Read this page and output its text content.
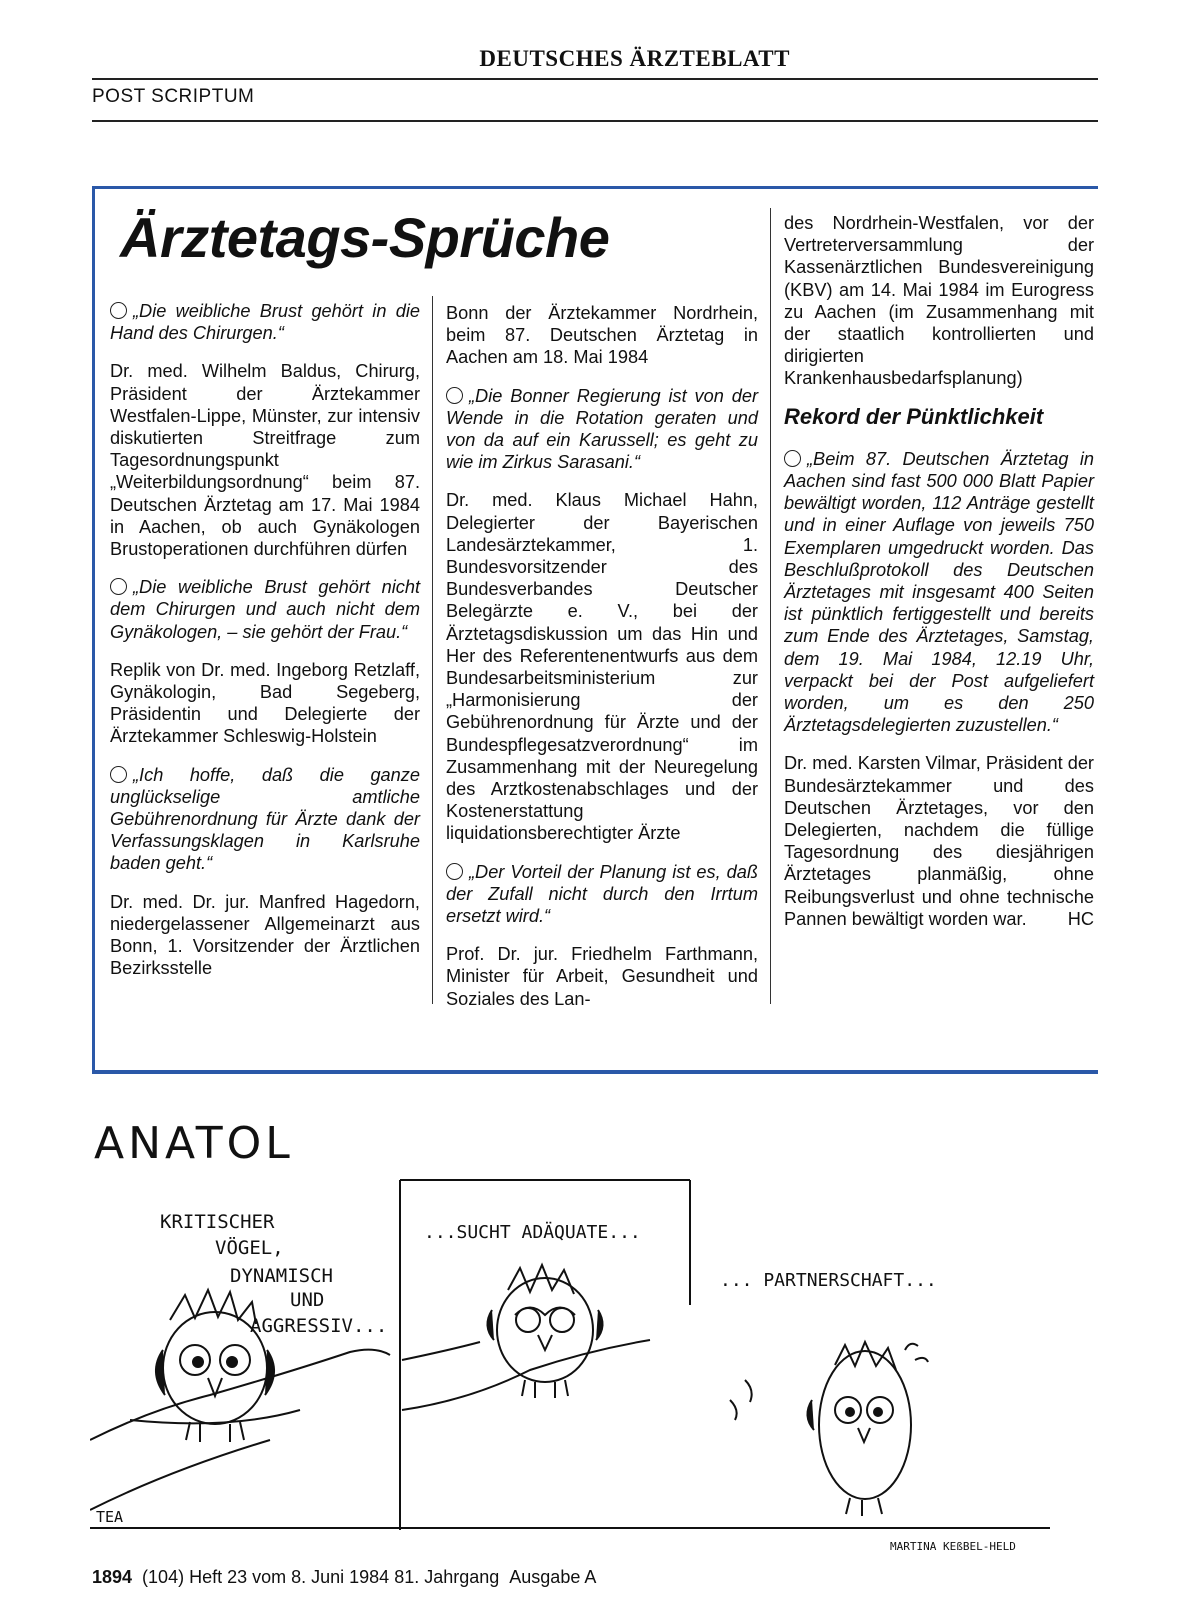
DEUTSCHES ÄRZTEBLATT
POST SCRIPTUM
Ärztetags-Sprüche

„Die weibliche Brust gehört in die Hand des Chirurgen.“

Dr. med. Wilhelm Baldus, Chirurg, Präsident der Ärztekammer Westfalen-Lippe, Münster, zur intensiv diskutierten Streitfrage zum Tagesordnungspunkt „Weiterbildungsordnung“ beim 87. Deutschen Ärztetag am 17. Mai 1984 in Aachen, ob auch Gynäkologen Brustoperationen durchführen dürfen

„Die weibliche Brust gehört nicht dem Chirurgen und auch nicht dem Gynäkologen, – sie gehört der Frau.“

Replik von Dr. med. Ingeborg Retzlaff, Gynäkologin, Bad Segeberg, Präsidentin und Delegierte der Ärztekammer Schleswig-Holstein

„Ich hoffe, daß die ganze unglückselige amtliche Gebührenordnung für Ärzte dank der Verfassungsklagen in Karlsruhe baden geht.“

Dr. med. Dr. jur. Manfred Hagedorn, niedergelassener Allgemeinarzt aus Bonn, 1. Vorsitzender der Ärztlichen Bezirksstelle

Bonn der Ärztekammer Nordrhein, beim 87. Deutschen Ärztetag in Aachen am 18. Mai 1984

„Die Bonner Regierung ist von der Wende in die Rotation geraten und von da auf ein Karussell; es geht zu wie im Zirkus Sarasani.“

Dr. med. Klaus Michael Hahn, Delegierter der Bayerischen Landesärztekammer, 1. Bundesvorsitzender des Bundesverbandes Deutscher Belegärzte e. V., bei der Ärztetagsdiskussion um das Hin und Her des Referentenentwurfs aus dem Bundesarbeitsministerium zur „Harmonisierung der Gebührenordnung für Ärzte und der Bundespflegesatzverordnung“ im Zusammenhang mit der Neuregelung des Arztkostenabschlages und der Kostenerstattung liquidationsberechtigter Ärzte

„Der Vorteil der Planung ist es, daß der Zufall nicht durch den Irrtum ersetzt wird.“

Prof. Dr. jur. Friedhelm Farthmann, Minister für Arbeit, Gesundheit und Soziales des Lan-

des Nordrhein-Westfalen, vor der Vertreterversammlung der Kassenärztlichen Bundesvereinigung (KBV) am 14. Mai 1984 im Eurogress zu Aachen (im Zusammenhang mit der staatlich kontrollierten und dirigierten Krankenhausbedarfsplanung)

Rekord der Pünktlichkeit

„Beim 87. Deutschen Ärztetag in Aachen sind fast 500 000 Blatt Papier bewältigt worden, 112 Anträge gestellt und in einer Auflage von jeweils 750 Exemplaren umgedruckt worden. Das Beschlußprotokoll des Deutschen Ärztetages mit insgesamt 400 Seiten ist pünktlich fertiggestellt und bereits zum Ende des Ärztetages, Samstag, dem 19. Mai 1984, 12.19 Uhr, verpackt bei der Post aufgeliefert worden, um es den 250 Ärztetagsdelegierten zuzustellen.“

Dr. med. Karsten Vilmar, Präsident der Bundesärztekammer und des Deutschen Ärztetages, vor den Delegierten, nachdem die füllige Tagesordnung des diesjährigen Ärztetages planmäßig, ohne Reibungsverlust und ohne technische Pannen bewältigt worden war. HC

ANATOL
KRITISCHER
VÖGEL,
DYNAMISCH
UND
AGGRESSIV...
...SUCHT ADÄQUATE...
... PARTNERSCHAFT...
TEA
MARTINA KEßBEL-HELD
1894 (104) Heft 23 vom 8. Juni 1984 81. Jahrgang Ausgabe A
